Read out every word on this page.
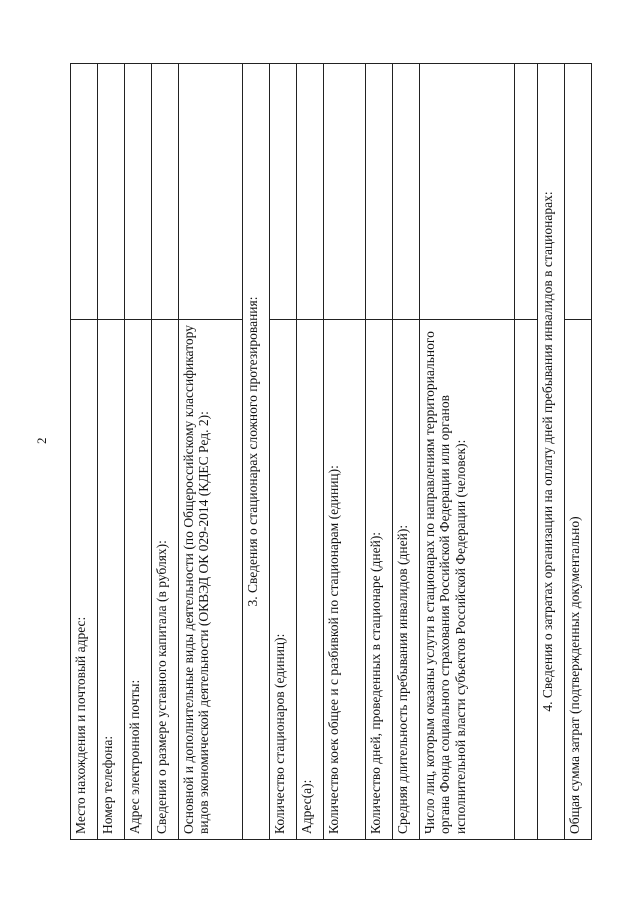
2
Место нахождения и почтовый адрес:	
Номер телефона:	
Адрес электронной почты:	
Сведения о размере уставного капитала (в рублях):	
Основной и дополнительные виды деятельности (по Общероссийскому классификатору видов экономической деятельности (ОКВЭД ОК 029-2014 (КДЕС Ред. 2):	
3. Сведения о стационарах сложного протезирования:	
Количество стационаров (единиц):	
Адрес(а):	
Количество коек общее и с разбивкой по стационарам (единиц):	
Количество дней, проведенных в стационаре (дней):	
Средняя длительность пребывания инвалидов (дней):	
Число лиц, которым оказаны услуги в стационарах по направлениям территориального органа Фонда социального страхования Российской Федерации или органов исполнительной власти субъектов Российской Федерации (человек):	

4. Сведения о затратах организации на оплату дней пребывания инвалидов в стационарах:	
Общая сумма затрат (подтвержденных документально)	
